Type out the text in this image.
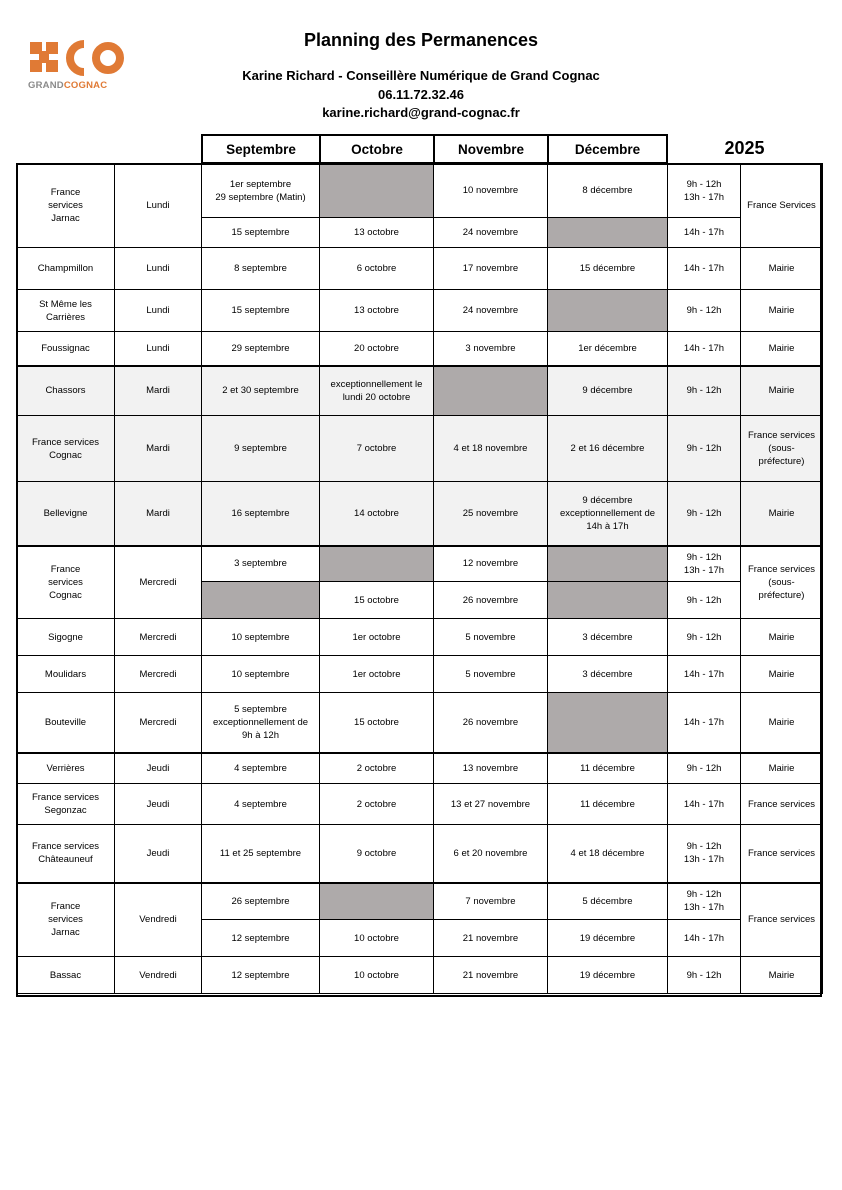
GRANDCOGNAC
Planning des Permanences
Karine Richard - Conseillère Numérique de Grand Cognac
06.11.72.32.46
karine.richard@grand-cognac.fr
Septembre	Octobre	Novembre	Décembre	2025
France
services
Jarnac	Lundi	1er septembre
29 septembre (Matin)		10 novembre	8 décembre	9h - 12h
13h - 17h	France Services
		15 septembre	13 octobre	24 novembre		14h - 17h	
Champmillon	Lundi	8 septembre	6 octobre	17 novembre	15 décembre	14h - 17h	Mairie
St Même les
Carrières	Lundi	15 septembre	13 octobre	24 novembre		9h - 12h	Mairie
Foussignac	Lundi	29 septembre	20 octobre	3 novembre	1er décembre	14h - 17h	Mairie
Chassors	Mardi	2 et 30 septembre	exceptionnellement le
lundi 20 octobre		9 décembre	9h - 12h	Mairie
France services
Cognac	Mardi	9 septembre	7 octobre	4 et 18 novembre	2 et 16 décembre	9h - 12h	France services
(sous-
préfecture)
Bellevigne	Mardi	16 septembre	14 octobre	25 novembre	9 décembre
exceptionnellement de
14h à 17h	9h - 12h	Mairie
France
services
Cognac	Mercredi	3 septembre		12 novembre		9h - 12h
13h - 17h	France services
(sous-
préfecture)
			15 octobre	26 novembre		9h - 12h	
Sigogne	Mercredi	10 septembre	1er octobre	5 novembre	3 décembre	9h - 12h	Mairie
Moulidars	Mercredi	10 septembre	1er octobre	5 novembre	3 décembre	14h - 17h	Mairie
Bouteville	Mercredi	5 septembre
exceptionnellement de
9h à 12h	15 octobre	26 novembre		14h - 17h	Mairie
Verrières	Jeudi	4 septembre	2 octobre	13 novembre	11 décembre	9h - 12h	Mairie
France services
Segonzac	Jeudi	4 septembre	2 octobre	13 et 27 novembre	11 décembre	14h - 17h	France services
France services
Châteauneuf	Jeudi	11 et 25 septembre	9 octobre	6 et 20 novembre	4 et 18 décembre	9h - 12h
13h - 17h	France services
France
services
Jarnac	Vendredi	26 septembre		7 novembre	5 décembre	9h - 12h
13h - 17h	France services
		12 septembre	10 octobre	21 novembre	19 décembre	14h - 17h	
Bassac	Vendredi	12 septembre	10 octobre	21 novembre	19 décembre	9h - 12h	Mairie
